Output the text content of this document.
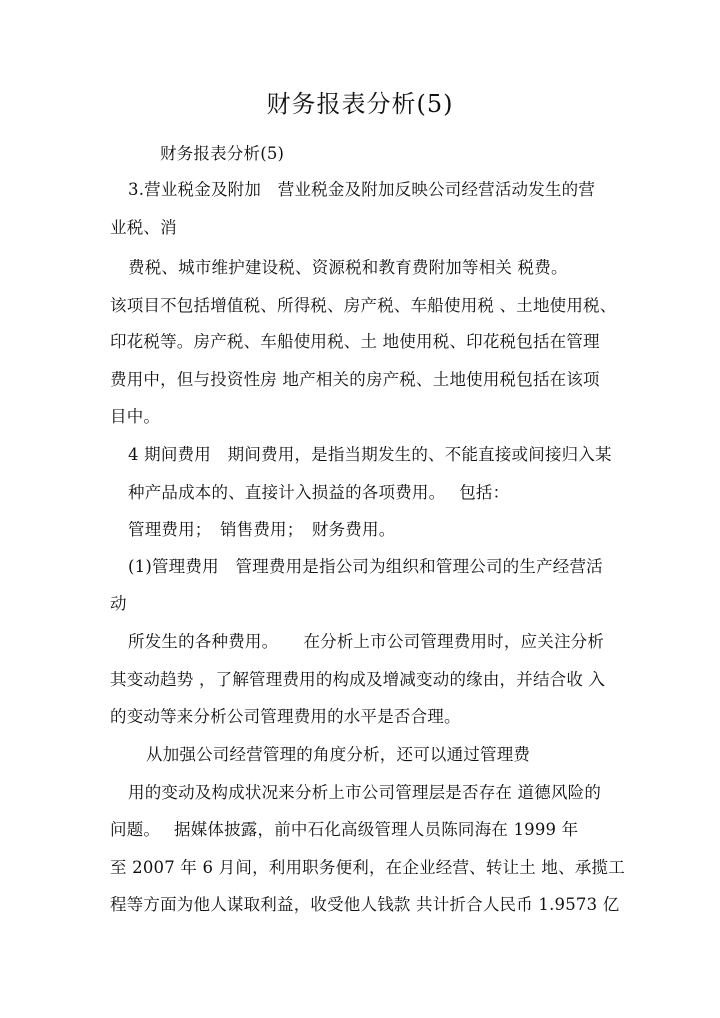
财务报表分析(5)
财务报表分析(5)
3.营业税金及附加　营业税金及附加反映公司经营活动发生的营
业税、消
费税、城市维护建设税、资源税和教育费附加等相关 税费。
该项目不包括增值税、所得税、房产税、车船使用税 、土地使用税、
印花税等。房产税、车船使用税、土 地使用税、印花税包括在管理
费用中，但与投资性房 地产相关的房产税、土地使用税包括在该项
目中。
4 期间费用　期间费用，是指当期发生的、不能直接或间接归入某
种产品成本的、直接计入损益的各项费用。　 包括：
管理费用；　销售费用；　财务费用。
(1)管理费用　管理费用是指公司为组织和管理公司的生产经营活
动
所发生的各种费用。　　在分析上市公司管理费用时，应关注分析
其变动趋势 ，了解管理费用的构成及增减变动的缘由，并结合收 入
的变动等来分析公司管理费用的水平是否合理。
从加强公司经营管理的角度分析，还可以通过管理费
用的变动及构成状况来分析上市公司管理层是否存在 道德风险的
问题。　 据媒体披露，前中石化高级管理人员陈同海在 1999 年
至 2007 年 6 月间，利用职务便利，在企业经营、转让土 地、承揽工
程等方面为他人谋取利益，收受他人钱款 共计折合人民币 1.9573 亿
